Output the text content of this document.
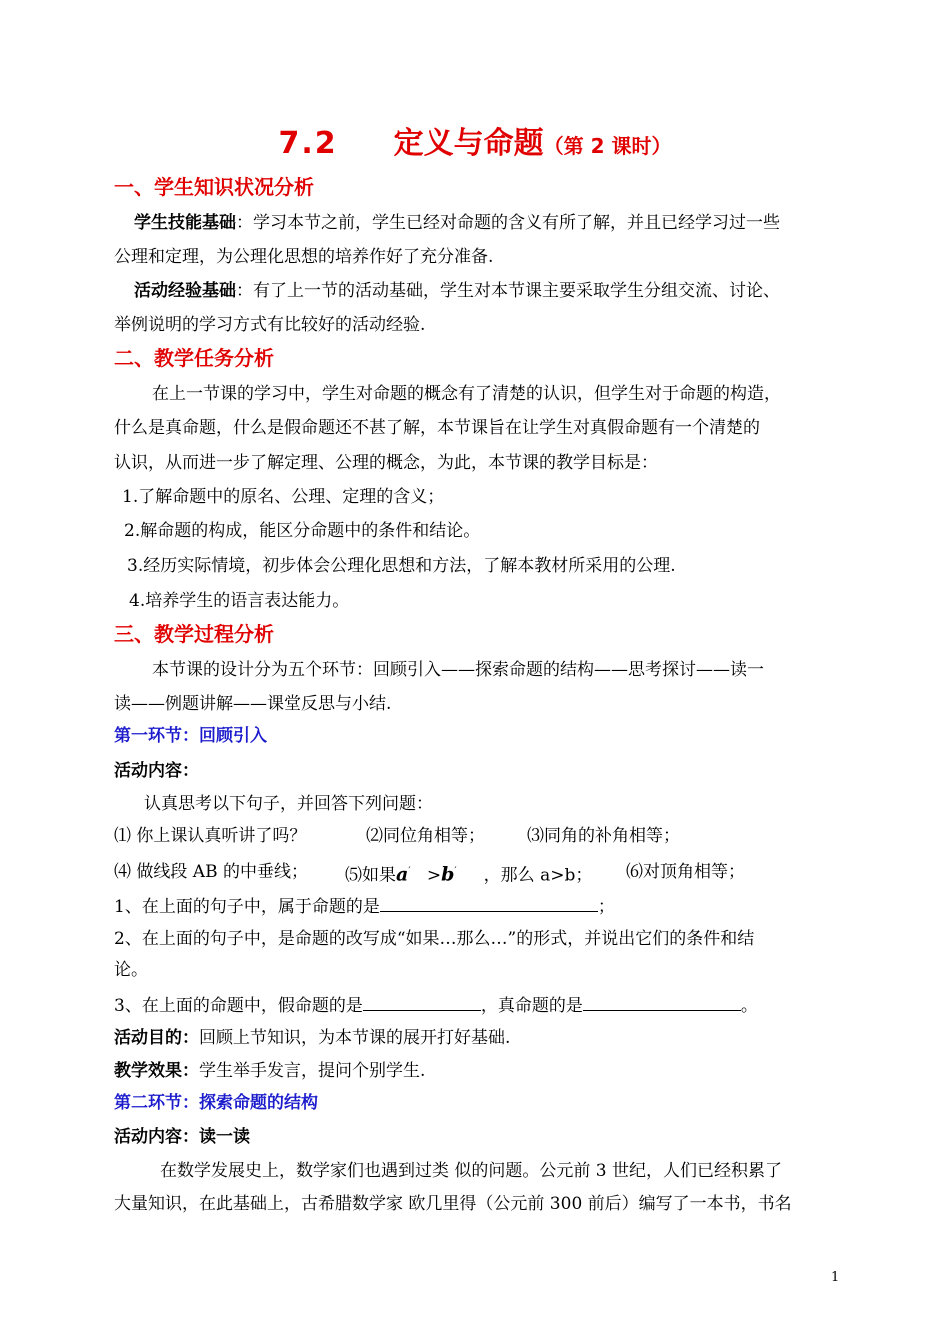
7.2 定义与命题（第 2 课时）
一、学生知识状况分析
学生技能基础：学习本节之前，学生已经对命题的含义有所了解，并且已经学习过一些
公理和定理，为公理化思想的培养作好了充分准备.
活动经验基础：有了上一节的活动基础，学生对本节课主要采取学生分组交流、讨论、
举例说明的学习方式有比较好的活动经验.
二、教学任务分析
在上一节课的学习中，学生对命题的概念有了清楚的认识，但学生对于命题的构造，
什么是真命题，什么是假命题还不甚了解，本节课旨在让学生对真假命题有一个清楚的
认识，从而进一步了解定理、公理的概念，为此，本节课的教学目标是：
1.了解命题中的原名、公理、定理的含义；
2.解命题的构成，能区分命题中的条件和结论。
3.经历实际情境，初步体会公理化思想和方法，了解本教材所采用的公理.
4.培养学生的语言表达能力。
三、教学过程分析
本节课的设计分为五个环节：回顾引入——探索命题的结构——思考探讨——读一
读——例题讲解——课堂反思与小结.
第一环节：回顾引入
活动内容：
认真思考以下句子，并回答下列问题：
⑴ 你上课认真听讲了吗？	⑵同位角相等； ⑶同角的补角相等；
⑷ 做线段 AB 的中垂线； ⑸如果a′ >b′ ，那么 a>b； ⑹对顶角相等；
1、在上面的句子中，属于命题的是	；
2、在上面的句子中，是命题的改写成“如果…那么…”的形式，并说出它们的条件和结
论。
3、在上面的命题中，假命题的是	，真命题的是	。
活动目的：回顾上节知识，为本节课的展开打好基础.
教学效果：学生举手发言，提问个别学生.
第二环节：探索命题的结构
活动内容：读一读
在数学发展史上，数学家们也遇到过类 似的问题。公元前 3 世纪，人们已经积累了
大量知识，在此基础上，古希腊数学家 欧几里得（公元前 300 前后）编写了一本书，书名
1
